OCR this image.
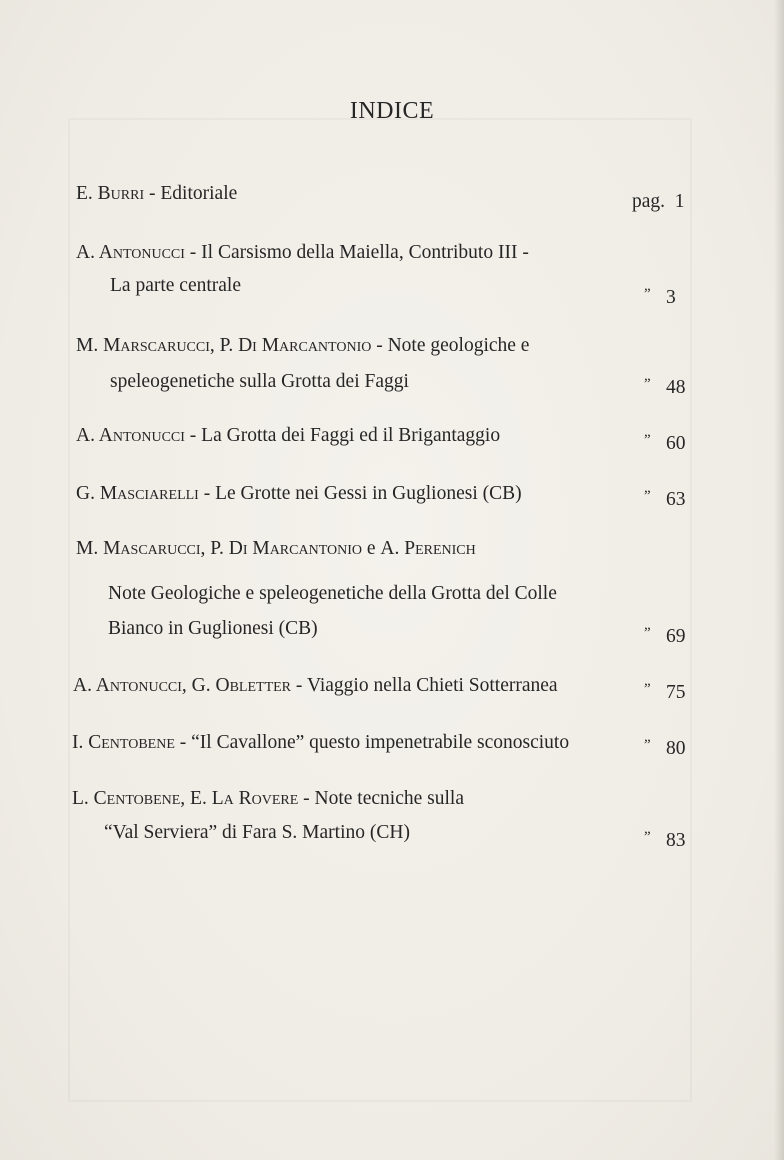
INDICE
E. Burri - Editoriale	pag. 1
A. Antonucci - Il Carsismo della Maiella, Contributo III -
La parte centrale	” 3
M. Marscarucci, P. Di Marcantonio - Note geologiche e
speleogenetiche sulla Grotta dei Faggi	” 48
A. Antonucci - La Grotta dei Faggi ed il Brigantaggio	” 60
G. Masciarelli - Le Grotte nei Gessi in Guglionesi (CB)	” 63
M. Mascarucci, P. Di Marcantonio e A. Perenich
Note Geologiche e speleogenetiche della Grotta del Colle
Bianco in Guglionesi (CB)	” 69
A. Antonucci, G. Obletter - Viaggio nella Chieti Sotterranea	” 75
I. Centobene - “Il Cavallone” questo impenetrabile sconosciuto	” 80
L. Centobene, E. La Rovere - Note tecniche sulla
“Val Serviera” di Fara S. Martino (CH)	” 83
